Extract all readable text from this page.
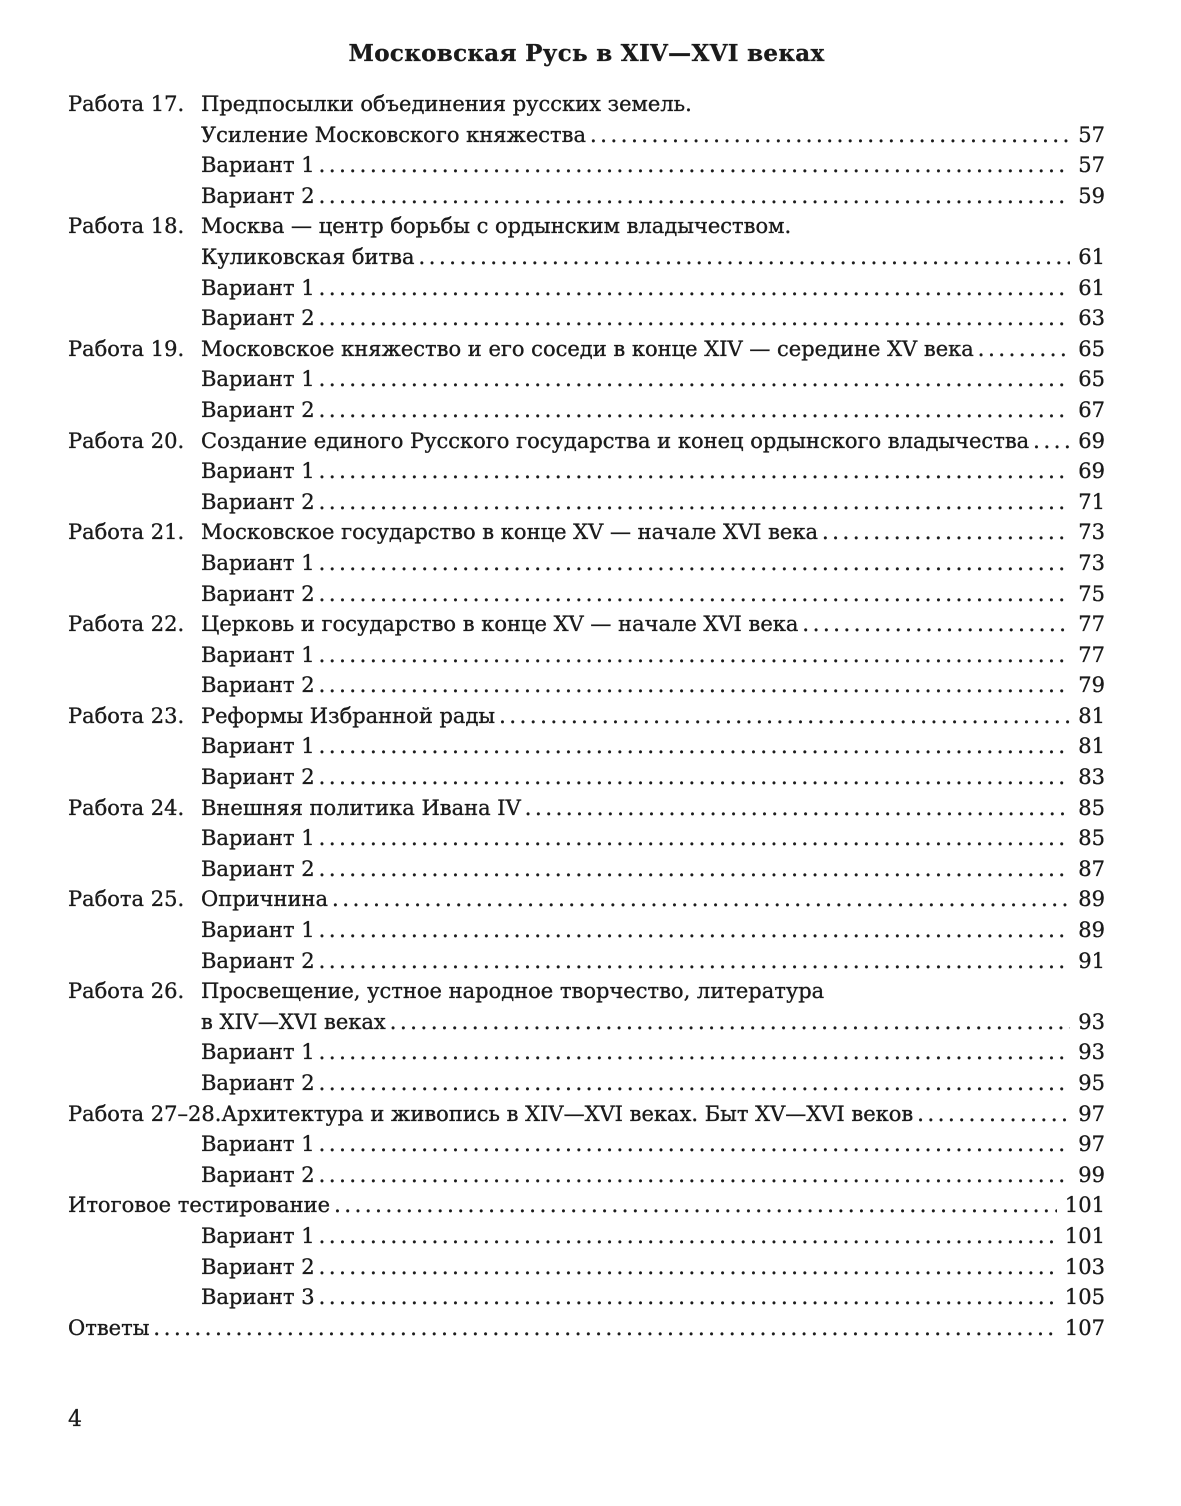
Московская Русь в XIV—XVI веках
Работа 17. Предпосылки объединения русских земель.
Усиление Московского княжества .....	57
Вариант 1 .....	57
Вариант 2 .....	59
Работа 18. Москва — центр борьбы с ордынским владычеством.
Куликовская битва .....	61
Вариант 1 .....	61
Вариант 2 .....	63
Работа 19. Московское княжество и его соседи в конце XIV — середине XV века .....	65
Вариант 1 .....	65
Вариант 2 .....	67
Работа 20. Создание единого Русского государства и конец ордынского владычества .....	69
Вариант 1 .....	69
Вариант 2 .....	71
Работа 21. Московское государство в конце XV — начале XVI века .....	73
Вариант 1 .....	73
Вариант 2 .....	75
Работа 22. Церковь и государство в конце XV — начале XVI века .....	77
Вариант 1 .....	77
Вариант 2 .....	79
Работа 23. Реформы Избранной рады .....	81
Вариант 1 .....	81
Вариант 2 .....	83
Работа 24. Внешняя политика Ивана IV .....	85
Вариант 1 .....	85
Вариант 2 .....	87
Работа 25. Опричнина .....	89
Вариант 1 .....	89
Вариант 2 .....	91
Работа 26. Просвещение, устное народное творчество, литература
в XIV—XVI веках .....	93
Вариант 1 .....	93
Вариант 2 .....	95
Работа 27–28. Архитектура и живопись в XIV—XVI веках. Быт XV—XVI веков .....	97
Вариант 1 .....	97
Вариант 2 .....	99
Итоговое тестирование .....	101
Вариант 1 .....	101
Вариант 2 .....	103
Вариант 3 .....	105
Ответы .....	107
4
